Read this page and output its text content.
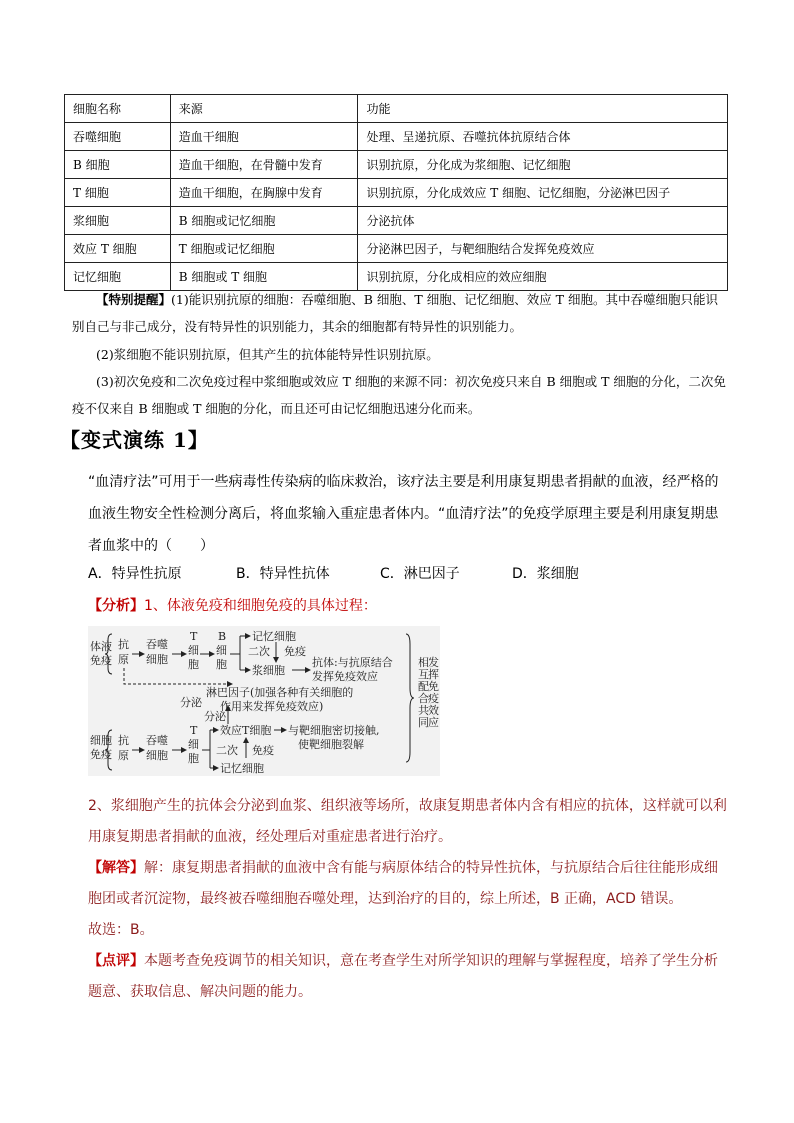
细胞名称	来源	功能
吞噬细胞	造血干细胞	处理、呈递抗原、吞噬抗体抗原结合体
B 细胞	造血干细胞，在骨髓中发育	识别抗原，分化成为浆细胞、记忆细胞
T 细胞	造血干细胞，在胸腺中发育	识别抗原，分化成效应 T 细胞、记忆细胞，分泌淋巴因子
浆细胞	B 细胞或记忆细胞	分泌抗体
效应 T 细胞	T 细胞或记忆细胞	分泌淋巴因子，与靶细胞结合发挥免疫效应
记忆细胞	B 细胞或 T 细胞	识别抗原，分化成相应的效应细胞
【特别提醒】(1)能识别抗原的细胞：吞噬细胞、B 细胞、T 细胞、记忆细胞、效应 T 细胞。其中吞噬细胞只能识别自己与非己成分，没有特异性的识别能力，其余的细胞都有特异性的识别能力。
(2)浆细胞不能识别抗原，但其产生的抗体能特异性识别抗原。
(3)初次免疫和二次免疫过程中浆细胞或效应 T 细胞的来源不同：初次免疫只来自 B 细胞或 T 细胞的分化，二次免疫不仅来自 B 细胞或 T 细胞的分化，而且还可由记忆细胞迅速分化而来。
【变式演练 1】
“血清疗法”可用于一些病毒性传染病的临床救治，该疗法主要是利用康复期患者捐献的血液，经严格的血液生物安全性检测分离后，将血浆输入重症患者体内。“血清疗法”的免疫学原理主要是利用康复期患者血浆中的（　　）
A．特异性抗原	B．特异性抗体	C．淋巴因子	D．浆细胞
【分析】1、体液免疫和细胞免疫的具体过程：
体液
免疫
抗
原
吞噬
细胞
T
细
胞
B
细
胞
记忆细胞
二次 免疫
浆细胞
抗体:与抗原结合
发挥免疫效应
淋巴因子(加强各种有关细胞的
作用来发挥免疫效应)
分泌
分泌
细胞
免疫
抗
原
吞噬
细胞
T
细
胞
效应T细胞
二次 免疫
记忆细胞
与靶细胞密切接触,
使靶细胞裂解
相
互
配
合
共
同
发
挥
免
疫
效
应
2、浆细胞产生的抗体会分泌到血浆、组织液等场所，故康复期患者体内含有相应的抗体，这样就可以利用康复期患者捐献的血液，经处理后对重症患者进行治疗。
【解答】解：康复期患者捐献的血液中含有能与病原体结合的特异性抗体，与抗原结合后往往能形成细胞团或者沉淀物，最终被吞噬细胞吞噬处理，达到治疗的目的，综上所述，B 正确，ACD 错误。
故选：B。
【点评】本题考查免疫调节的相关知识，意在考查学生对所学知识的理解与掌握程度，培养了学生分析题意、获取信息、解决问题的能力。
